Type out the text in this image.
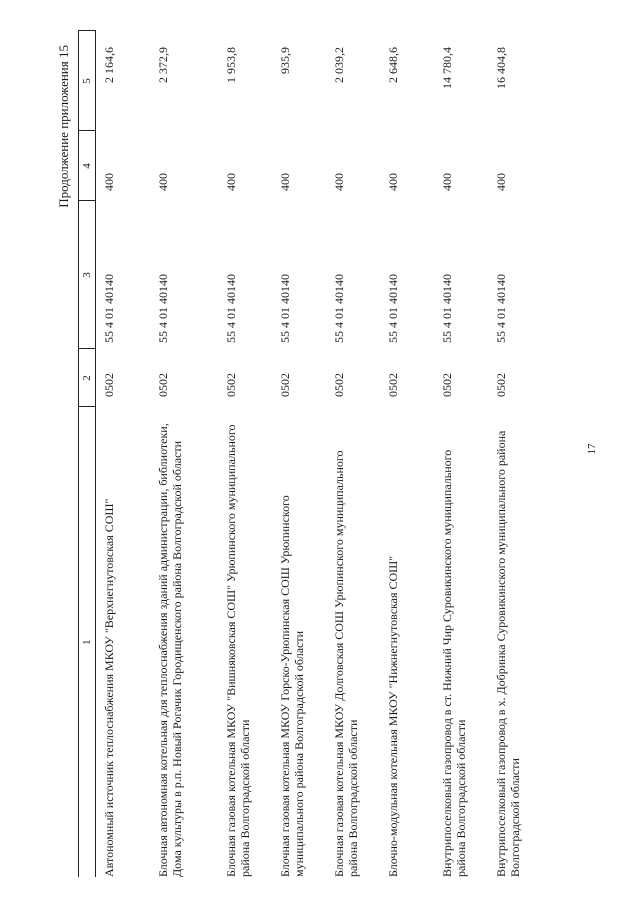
17
Продолжение приложения 15
1	2	3	4	5
Автономный источник теплоснабжения МКОУ "Верхнегнутовская СОШ"	0502	55 4 01 40140	400	2 164,6
Блочная автономная котельная для теплоснабжения зданий администрации, библиотеки, Дома культуры в р.п. Новый Рогачик Городищенского района Волгоградской области	0502	55 4 01 40140	400	2 372,9
Блочная газовая котельная МКОУ "Вишняковская СОШ" Урюпинского муниципального района Волгоградской области	0502	55 4 01 40140	400	1 953,8
Блочная газовая котельная МКОУ Горско-Урюпинская СОШ Урюпинского муниципального района Волгоградской области	0502	55 4 01 40140	400	935,9
Блочная газовая котельная МКОУ Долговская СОШ Урюпинского муниципального района Волгоградской области	0502	55 4 01 40140	400	2 039,2
Блочно-модульная котельная МКОУ "Нижнегнутовская СОШ"	0502	55 4 01 40140	400	2 648,6
Внутрипоселковый газопровод в ст. Нижний Чир Суровикинского муниципального района Волгоградской области	0502	55 4 01 40140	400	14 780,4
Внутрипоселковый газопровод в х. Добринка Суровикинского муниципального района Волгоградской области	0502	55 4 01 40140	400	16 404,8
